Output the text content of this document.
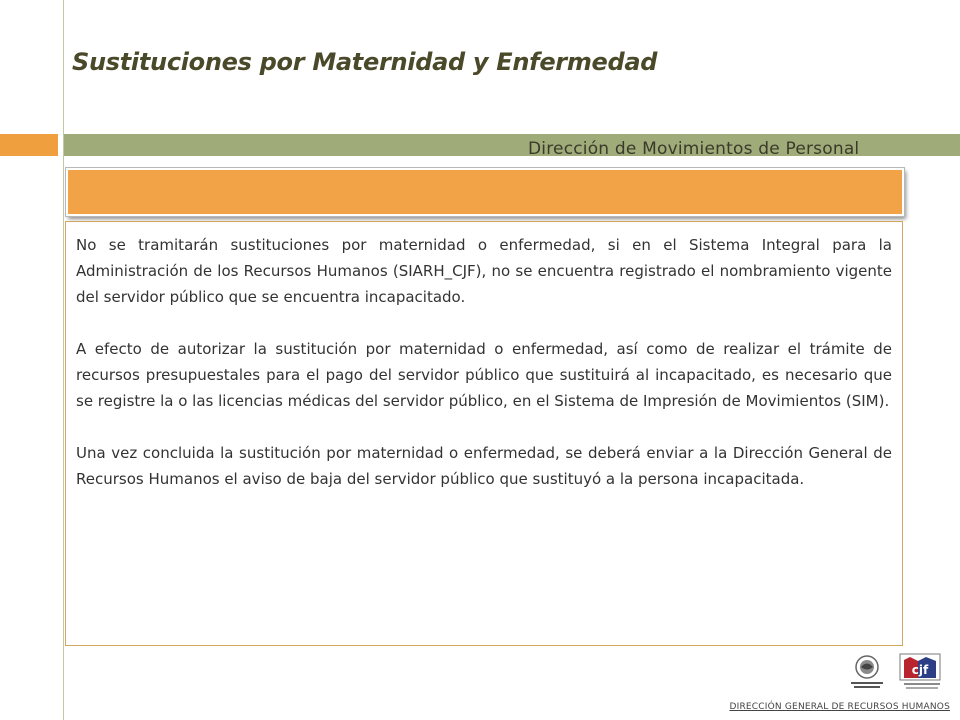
Sustituciones por Maternidad y Enfermedad
Dirección de Movimientos de Personal

No se tramitarán sustituciones por maternidad o enfermedad, si en el Sistema Integral para la Administración de los Recursos Humanos (SIARH_CJF), no se encuentra registrado el nombramiento vigente del servidor público que se encuentra incapacitado.

A efecto de autorizar la sustitución por maternidad o enfermedad, así como de realizar el trámite de recursos presupuestales para el pago del servidor público que sustituirá al incapacitado, es necesario que se registre la o las licencias médicas del servidor público, en el Sistema de Impresión de Movimientos (SIM).

Una vez concluida la sustitución por maternidad o enfermedad, se deberá enviar a la Dirección General de Recursos Humanos el aviso de baja del servidor público que sustituyó a la persona incapacitada.

cjf
DIRECCIÓN GENERAL DE RECURSOS HUMANOS
